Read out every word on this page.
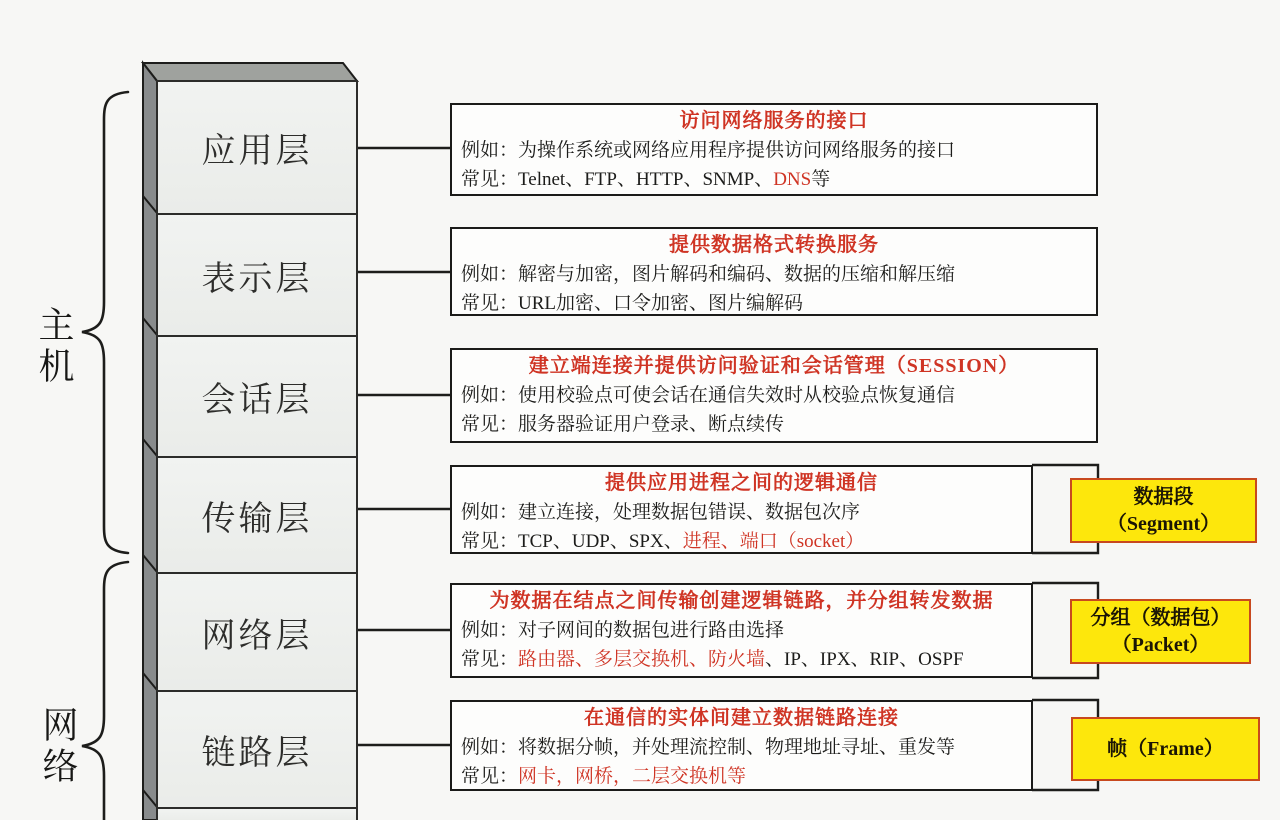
主机
网络
应用层
表示层
会话层
传输层
网络层
链路层
访问网络服务的接口
例如：为操作系统或网络应用程序提供访问网络服务的接口
常见：Telnet、FTP、HTTP、SNMP、DNS等
提供数据格式转换服务
例如：解密与加密，图片解码和编码、数据的压缩和解压缩
常见：URL加密、口令加密、图片编解码
建立端连接并提供访问验证和会话管理（SESSION）
例如：使用校验点可使会话在通信失效时从校验点恢复通信
常见：服务器验证用户登录、断点续传
提供应用进程之间的逻辑通信
例如：建立连接，处理数据包错误、数据包次序
常见：TCP、UDP、SPX、进程、端口（socket）
为数据在结点之间传输创建逻辑链路，并分组转发数据
例如：对子网间的数据包进行路由选择
常见：路由器、多层交换机、防火墙、IP、IPX、RIP、OSPF
在通信的实体间建立数据链路连接
例如：将数据分帧，并处理流控制、物理地址寻址、重发等
常见：网卡，网桥，二层交换机等
数据段
（Segment）
分组（数据包）
（Packet）
帧（Frame）
